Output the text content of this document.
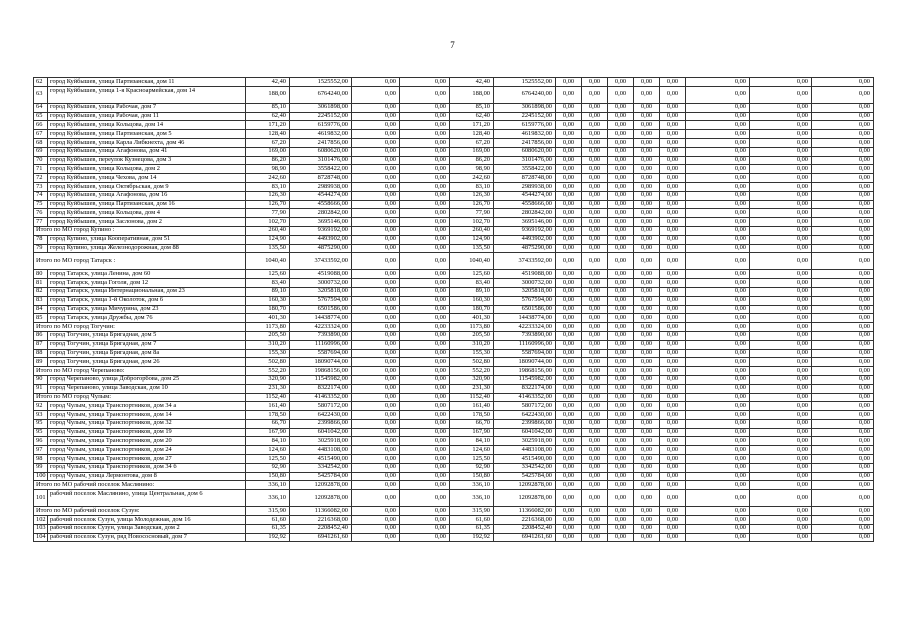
7
62	город Куйбышев, улица Партизанская, дом 11	42,40	1525552,00	0,00	0,00	42,40	1525552,00	0,00	0,00	0,00	0,00	0,00	0,00	0,00	0,00
63	город Куйбышев, улица 1-я Красноармейская, дом 14	188,00	6764240,00	0,00	0,00	188,00	6764240,00	0,00	0,00	0,00	0,00	0,00	0,00	0,00	0,00
64	город Куйбышев, улица Рабочая, дом 7	85,10	3061898,00	0,00	0,00	85,10	3061898,00	0,00	0,00	0,00	0,00	0,00	0,00	0,00	0,00
65	город Куйбышев, улица Рабочая, дом 11	62,40	2245152,00	0,00	0,00	62,40	2245152,00	0,00	0,00	0,00	0,00	0,00	0,00	0,00	0,00
66	город Куйбышев, улица Кольцова, дом 14	171,20	6159776,00	0,00	0,00	171,20	6159776,00	0,00	0,00	0,00	0,00	0,00	0,00	0,00	0,00
67	город Куйбышев, улица Партизанская, дом 5	128,40	4619832,00	0,00	0,00	128,40	4619832,00	0,00	0,00	0,00	0,00	0,00	0,00	0,00	0,00
68	город Куйбышев, улица Карла Либкнехта, дом 46	67,20	2417856,00	0,00	0,00	67,20	2417856,00	0,00	0,00	0,00	0,00	0,00	0,00	0,00	0,00
69	город Куйбышев, улица Агафонова, дом 41	169,00	6080620,00	0,00	0,00	169,00	6080620,00	0,00	0,00	0,00	0,00	0,00	0,00	0,00	0,00
70	город Куйбышев, переулок Кузнецова, дом 3	86,20	3101476,00	0,00	0,00	86,20	3101476,00	0,00	0,00	0,00	0,00	0,00	0,00	0,00	0,00
71	город Куйбышев, улица Кольцова, дом 2	98,90	3558422,00	0,00	0,00	98,90	3558422,00	0,00	0,00	0,00	0,00	0,00	0,00	0,00	0,00
72	город Куйбышев, улица Чехова, дом 14	242,60	8728748,00	0,00	0,00	242,60	8728748,00	0,00	0,00	0,00	0,00	0,00	0,00	0,00	0,00
73	город Куйбышев, улица Октябрьская, дом 9	83,10	2989938,00	0,00	0,00	83,10	2989938,00	0,00	0,00	0,00	0,00	0,00	0,00	0,00	0,00
74	город Куйбышев, улица Агафонова, дом 16	126,30	4544274,00	0,00	0,00	126,30	4544274,00	0,00	0,00	0,00	0,00	0,00	0,00	0,00	0,00
75	город Куйбышев, улица Партизанская, дом 16	126,70	4558666,00	0,00	0,00	126,70	4558666,00	0,00	0,00	0,00	0,00	0,00	0,00	0,00	0,00
76	город Куйбышев, улица Кольцова, дом 4	77,90	2802842,00	0,00	0,00	77,90	2802842,00	0,00	0,00	0,00	0,00	0,00	0,00	0,00	0,00
77	город Куйбышев, улица Заслонова, дом 2	102,70	3695146,00	0,00	0,00	102,70	3695146,00	0,00	0,00	0,00	0,00	0,00	0,00	0,00	0,00
Итого по МО город Купино :		260,40	9369192,00	0,00	0,00	260,40	9369192,00	0,00	0,00	0,00	0,00	0,00	0,00	0,00	0,00
78	город Купино, улица Кооперативная, дом 51	124,90	4493902,00	0,00	0,00	124,90	4493902,00	0,00	0,00	0,00	0,00	0,00	0,00	0,00	0,00
79	город Купино, улица Железнодорожная, дом 88	135,50	4875290,00	0,00	0,00	135,50	4875290,00	0,00	0,00	0,00	0,00	0,00	0,00	0,00	0,00
Итого по МО город Татарск :		1040,40	37433592,00	0,00	0,00	1040,40	37433592,00	0,00	0,00	0,00	0,00	0,00	0,00	0,00	0,00
80	город Татарск, улица Ленина, дом 60	125,60	4519088,00	0,00	0,00	125,60	4519088,00	0,00	0,00	0,00	0,00	0,00	0,00	0,00	0,00
81	город Татарск, улица Гоголя, дом 12	83,40	3000732,00	0,00	0,00	83,40	3000732,00	0,00	0,00	0,00	0,00	0,00	0,00	0,00	0,00
82	город Татарск, улица Интернациональная, дом 23	89,10	3205818,00	0,00	0,00	89,10	3205818,00	0,00	0,00	0,00	0,00	0,00	0,00	0,00	0,00
83	город Татарск, улица 1-й Околоток, дом 6	160,30	5767594,00	0,00	0,00	160,30	5767594,00	0,00	0,00	0,00	0,00	0,00	0,00	0,00	0,00
84	город Татарск, улица Мичурина, дом 23	180,70	6501586,00	0,00	0,00	180,70	6501586,00	0,00	0,00	0,00	0,00	0,00	0,00	0,00	0,00
85	город Татарск, улица Дружбы, дом 76	401,30	14438774,00	0,00	0,00	401,30	14438774,00	0,00	0,00	0,00	0,00	0,00	0,00	0,00	0,00
Итого по МО город Тогучин:		1173,80	42233324,00	0,00	0,00	1173,80	42233324,00	0,00	0,00	0,00	0,00	0,00	0,00	0,00	0,00
86	город Тогучин, улица Бригадная, дом 5	205,50	7393890,00	0,00	0,00	205,50	7393890,00	0,00	0,00	0,00	0,00	0,00	0,00	0,00	0,00
87	город Тогучин, улица Бригадная, дом 7	310,20	11160996,00	0,00	0,00	310,20	11160996,00	0,00	0,00	0,00	0,00	0,00	0,00	0,00	0,00
88	город Тогучин, улица Бригадная, дом 8а	155,30	5587694,00	0,00	0,00	155,30	5587694,00	0,00	0,00	0,00	0,00	0,00	0,00	0,00	0,00
89	город Тогучин, улица Бригадная, дом 26	502,80	18090744,00	0,00	0,00	502,80	18090744,00	0,00	0,00	0,00	0,00	0,00	0,00	0,00	0,00
Итого по МО город Черепаново:		552,20	19868156,00	0,00	0,00	552,20	19868156,00	0,00	0,00	0,00	0,00	0,00	0,00	0,00	0,00
90	город Черепаново, улица Доброгорбова, дом 25	320,90	11545982,00	0,00	0,00	320,90	11545982,00	0,00	0,00	0,00	0,00	0,00	0,00	0,00	0,00
91	город Черепаново, улица Заводская, дом 10	231,30	8322174,00	0,00	0,00	231,30	8322174,00	0,00	0,00	0,00	0,00	0,00	0,00	0,00	0,00
Итого по МО город Чулым:		1152,40	41463352,00	0,00	0,00	1152,40	41463352,00	0,00	0,00	0,00	0,00	0,00	0,00	0,00	0,00
92	город Чулым, улица Транспортников, дом 34 а	161,40	5807172,00	0,00	0,00	161,40	5807172,00	0,00	0,00	0,00	0,00	0,00	0,00	0,00	0,00
93	город Чулым, улица Транспортников, дом 14	178,50	6422430,00	0,00	0,00	178,50	6422430,00	0,00	0,00	0,00	0,00	0,00	0,00	0,00	0,00
95	город Чулым, улица Транспортников, дом 32	66,70	2399866,00	0,00	0,00	66,70	2399866,00	0,00	0,00	0,00	0,00	0,00	0,00	0,00	0,00
95	город Чулым, улица Транспортников, дом 19	167,90	6041042,00	0,00	0,00	167,90	6041042,00	0,00	0,00	0,00	0,00	0,00	0,00	0,00	0,00
96	город Чулым, улица Транспортников, дом 20	84,10	3025918,00	0,00	0,00	84,10	3025918,00	0,00	0,00	0,00	0,00	0,00	0,00	0,00	0,00
97	город Чулым, улица Транспортников, дом 24	124,60	4483108,00	0,00	0,00	124,60	4483108,00	0,00	0,00	0,00	0,00	0,00	0,00	0,00	0,00
98	город Чулым, улица Транспортников, дом 27	125,50	4515490,00	0,00	0,00	125,50	4515490,00	0,00	0,00	0,00	0,00	0,00	0,00	0,00	0,00
99	город Чулым, улица Транспортников, дом 34 б	92,90	3342542,00	0,00	0,00	92,90	3342542,00	0,00	0,00	0,00	0,00	0,00	0,00	0,00	0,00
100	город Чулым, улица Лермонтова, дом 8	150,80	5425784,00	0,00	0,00	150,80	5425784,00	0,00	0,00	0,00	0,00	0,00	0,00	0,00	0,00
Итого по МО рабочий поселок Маслянино:		336,10	12092878,00	0,00	0,00	336,10	12092878,00	0,00	0,00	0,00	0,00	0,00	0,00	0,00	0,00
101	рабочий поселок Маслянино, улица Центральная, дом 6	336,10	12092878,00	0,00	0,00	336,10	12092878,00	0,00	0,00	0,00	0,00	0,00	0,00	0,00	0,00
Итого по МО рабочий поселок Сузун:		315,90	11366082,00	0,00	0,00	315,90	11366082,00	0,00	0,00	0,00	0,00	0,00	0,00	0,00	0,00
102	рабочий поселок Сузун, улица Молодежная, дом 16	61,60	2216368,00	0,00	0,00	61,60	2216368,00	0,00	0,00	0,00	0,00	0,00	0,00	0,00	0,00
103	рабочий поселок Сузун, улица Заводская, дом 2	61,35	2208452,40	0,00	0,00	61,35	2208452,40	0,00	0,00	0,00	0,00	0,00	0,00	0,00	0,00
104	рабочий поселок Сузун, ряд Новососновый, дом 7	192,92	6941261,60	0,00	0,00	192,92	6941261,60	0,00	0,00	0,00	0,00	0,00	0,00	0,00	0,00
